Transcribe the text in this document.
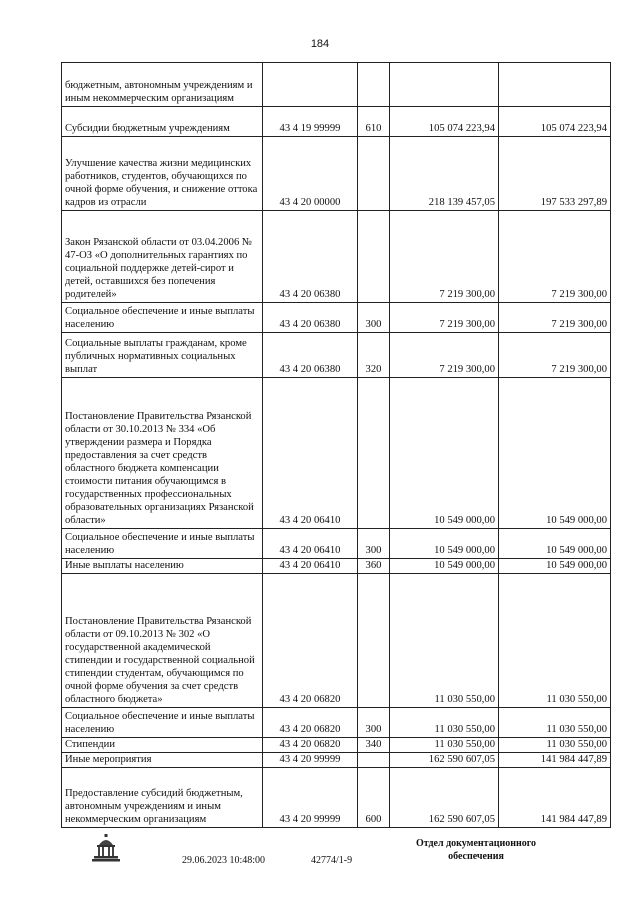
184
бюджетным, автономным учреждениям и иным некоммерческим организациям				
Субсидии бюджетным учреждениям	43 4 19 99999	610	105 074 223,94	105 074 223,94
Улучшение качества жизни медицинских работников, студентов, обучающихся по очной форме обучения, и снижение оттока кадров из отрасли	43 4 20 00000		218 139 457,05	197 533 297,89
Закон Рязанской области от 03.04.2006 № 47-ОЗ «О дополнительных гарантиях по социальной поддержке детей-сирот и детей, оставшихся без попечения родителей»	43 4 20 06380		7 219 300,00	7 219 300,00
Социальное обеспечение и иные выплаты населению	43 4 20 06380	300	7 219 300,00	7 219 300,00
Социальные выплаты гражданам, кроме публичных нормативных социальных выплат	43 4 20 06380	320	7 219 300,00	7 219 300,00
Постановление Правительства Рязанской области от 30.10.2013 № 334 «Об утверждении размера и Порядка предоставления за счет средств областного бюджета компенсации стоимости питания обучающимся в государственных профессиональных образовательных организациях Рязанской области»	43 4 20 06410		10 549 000,00	10 549 000,00
Социальное обеспечение и иные выплаты населению	43 4 20 06410	300	10 549 000,00	10 549 000,00
Иные выплаты населению	43 4 20 06410	360	10 549 000,00	10 549 000,00
Постановление Правительства Рязанской области от 09.10.2013 № 302 «О государственной академической стипендии и государственной социальной стипендии студентам, обучающимся по очной форме обучения за счет средств областного бюджета»	43 4 20 06820		11 030 550,00	11 030 550,00
Социальное обеспечение и иные выплаты населению	43 4 20 06820	300	11 030 550,00	11 030 550,00
Стипендии	43 4 20 06820	340	11 030 550,00	11 030 550,00
Иные мероприятия	43 4 20 99999		162 590 607,05	141 984 447,89
Предоставление субсидий бюджетным, автономным учреждениям и иным некоммерческим организациям	43 4 20 99999	600	162 590 607,05	141 984 447,89
29.06.2023 10:48:00	42774/1-9
Отдел документационного
обеспечения
